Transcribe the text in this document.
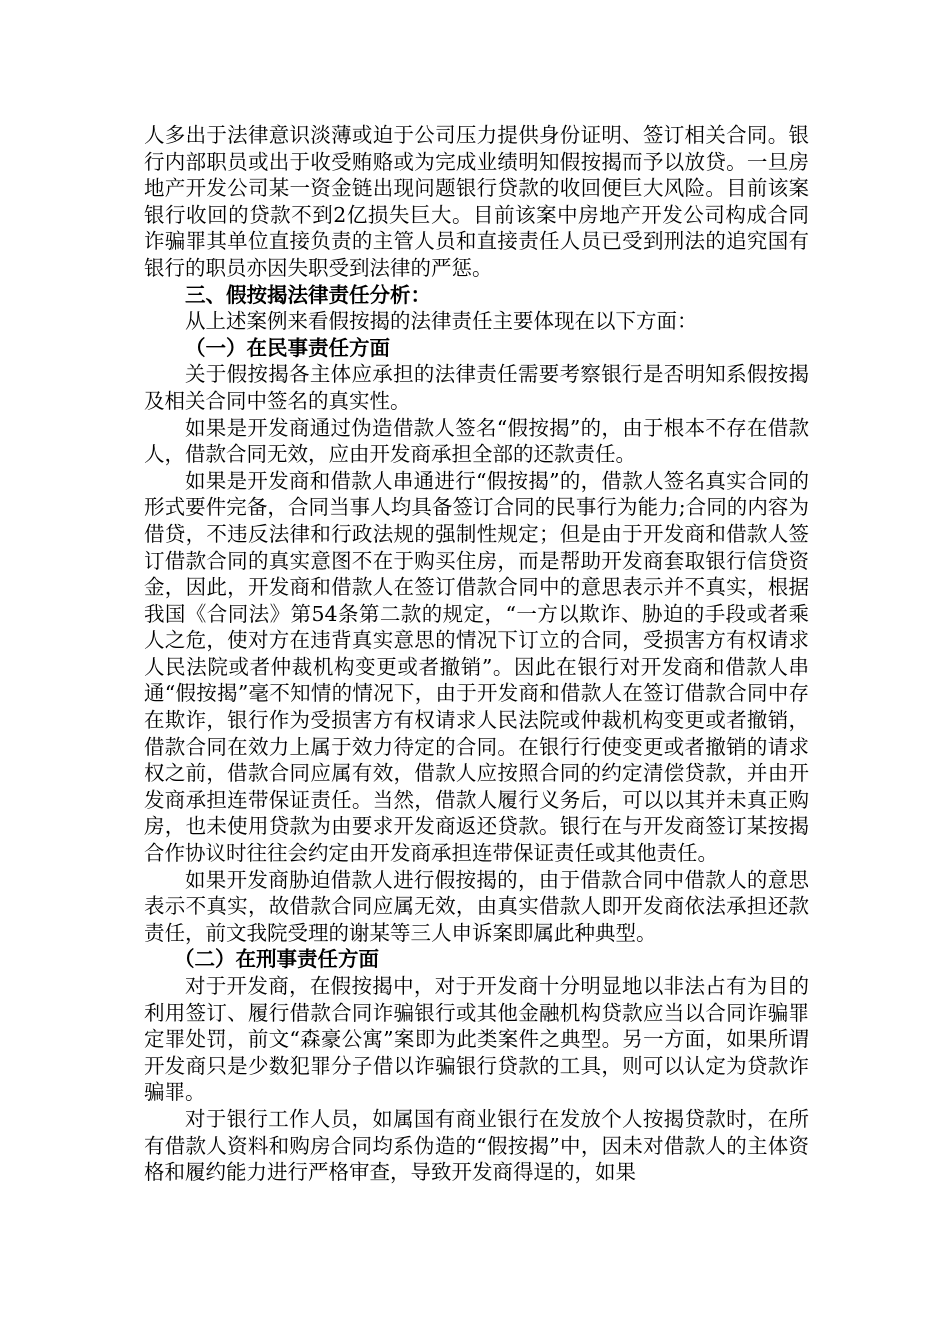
人多出于法律意识淡薄或迫于公司压力提供身份证明、签订相关合同。银行内部职员或出于收受贿赂或为完成业绩明知假按揭而予以放贷。一旦房地产开发公司某一资金链出现问题银行贷款的收回便巨大风险。目前该案银行收回的贷款不到2亿损失巨大。目前该案中房地产开发公司构成合同诈骗罪其单位直接负责的主管人员和直接责任人员已受到刑法的追究国有银行的职员亦因失职受到法律的严惩。

三、假按揭法律责任分析：

从上述案例来看假按揭的法律责任主要体现在以下方面：

（一）在民事责任方面

关于假按揭各主体应承担的法律责任需要考察银行是否明知系假按揭及相关合同中签名的真实性。

如果是开发商通过伪造借款人签名“假按揭”的，由于根本不存在借款人，借款合同无效，应由开发商承担全部的还款责任。

如果是开发商和借款人串通进行“假按揭”的，借款人签名真实合同的形式要件完备，合同当事人均具备签订合同的民事行为能力;合同的内容为借贷，不违反法律和行政法规的强制性规定；但是由于开发商和借款人签订借款合同的真实意图不在于购买住房，而是帮助开发商套取银行信贷资金，因此，开发商和借款人在签订借款合同中的意思表示并不真实，根据我国《合同法》第54条第二款的规定，“一方以欺诈、胁迫的手段或者乘人之危，使对方在违背真实意思的情况下订立的合同，受损害方有权请求人民法院或者仲裁机构变更或者撤销”。因此在银行对开发商和借款人串通“假按揭”毫不知情的情况下，由于开发商和借款人在签订借款合同中存在欺诈，银行作为受损害方有权请求人民法院或仲裁机构变更或者撤销，借款合同在效力上属于效力待定的合同。在银行行使变更或者撤销的请求权之前，借款合同应属有效，借款人应按照合同的约定清偿贷款，并由开发商承担连带保证责任。当然，借款人履行义务后，可以以其并未真正购房，也未使用贷款为由要求开发商返还贷款。银行在与开发商签订某按揭合作协议时往往会约定由开发商承担连带保证责任或其他责任。

如果开发商胁迫借款人进行假按揭的，由于借款合同中借款人的意思表示不真实，故借款合同应属无效，由真实借款人即开发商依法承担还款责任，前文我院受理的谢某等三人申诉案即属此种典型。

（二）在刑事责任方面

对于开发商，在假按揭中，对于开发商十分明显地以非法占有为目的利用签订、履行借款合同诈骗银行或其他金融机构贷款应当以合同诈骗罪定罪处罚，前文“森豪公寓”案即为此类案件之典型。另一方面，如果所谓开发商只是少数犯罪分子借以诈骗银行贷款的工具，则可以认定为贷款诈骗罪。

对于银行工作人员，如属国有商业银行在发放个人按揭贷款时，在所有借款人资料和购房合同均系伪造的“假按揭”中，因未对借款人的主体资格和履约能力进行严格审查，导致开发商得逞的，如果
